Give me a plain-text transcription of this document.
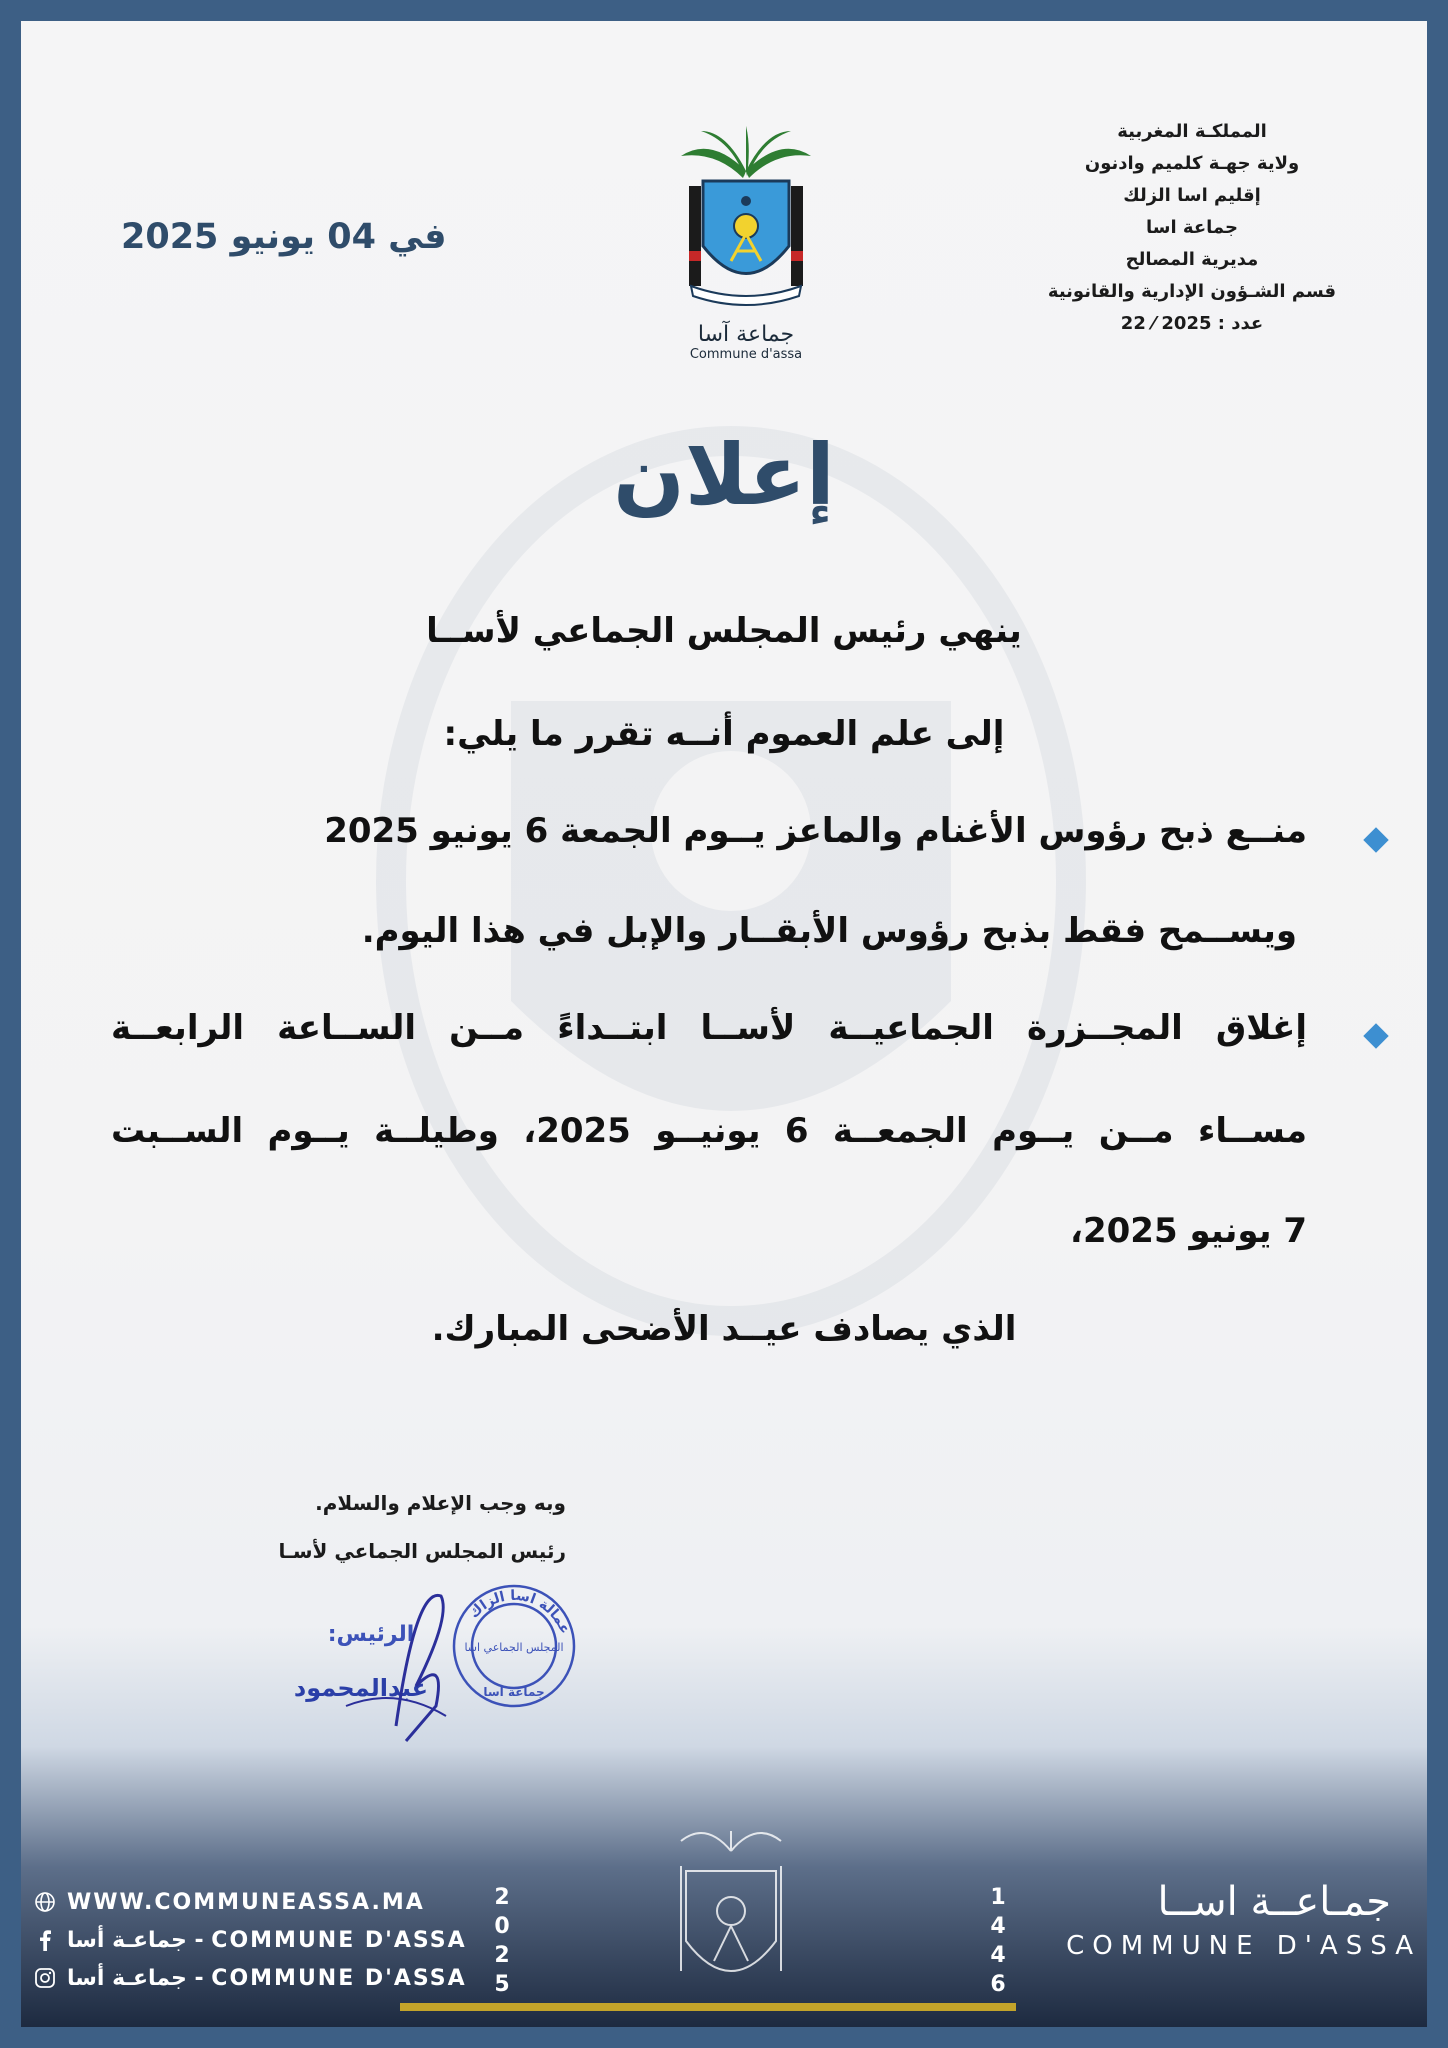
المملكـة المغربية
ولاية جهـة كلميم وادنون
إقليم اسا الزلك
جماعة اسا
مديرية المصالح
قسم الشـؤون الإدارية والقانونية
عدد : 2025 ⁄ 22
في 04 يونيو 2025
جماعة آسا
Commune d'assa
إعلان
ينهي رئيس المجلس الجماعي لأســا
إلى علم العموم أنــه تقرر ما يلي:
منــع ذبح رؤوس الأغنام والماعز يــوم الجمعة 6 يونيو 2025
ويســمح فقط بذبح رؤوس الأبقــار والإبل في هذا اليوم.
إغلاق المجــزرة الجماعيــة لأســا ابتــداءً مــن الســاعة الرابعــة
مســاء مــن يــوم الجمعــة 6 يونيــو 2025، وطيلــة يــوم الســبت
7 يونيو 2025،
الذي يصادف عيــد الأضحى المبارك.
وبه وجب الإعلام والسلام.
رئيس المجلس الجماعي لأسـا
عمالة اسا الزاك
المجلس الجماعي اسا
جماعة اسا
الرئيس:
عبدالمحمود
WWW.COMMUNEASSA.MA
جماعـة أسا - COMMUNE D'ASSA
جماعـة أسا - COMMUNE D'ASSA
2
0
2
5
1
4
4
6
جمـاعــة اســا
COMMUNE D'ASSA
